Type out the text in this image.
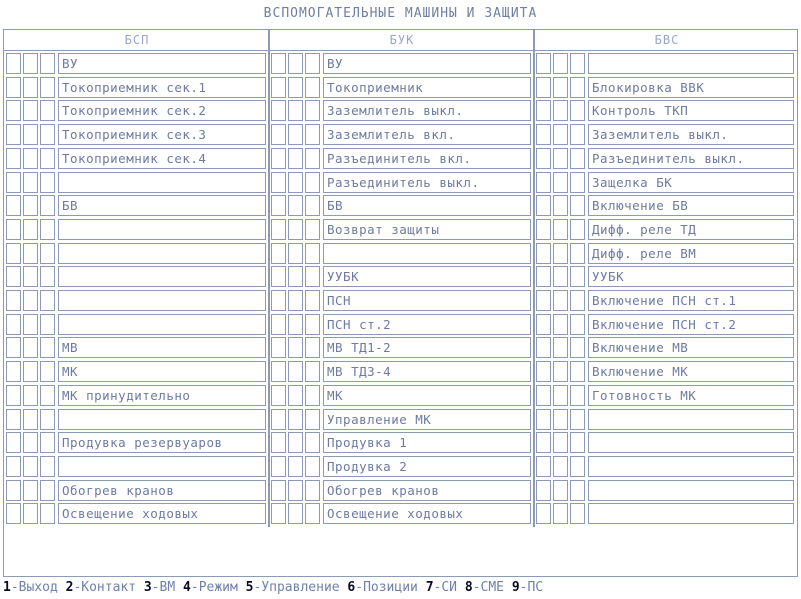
ВСПОМОГАТЕЛЬНЫЕ МАШИНЫ И ЗАЩИТА
БСП
ВУ
Токоприемник сек.1
Токоприемник сек.2
Токоприемник сек.3
Токоприемник сек.4
БВ
МВ
МК
МК принудительно
Продувка резервуаров
Обогрев кранов
Освещение ходовых
БУК
ВУ
Токоприемник
Заземлитель выкл.
Заземлитель вкл.
Разъединитель вкл.
Разъединитель выкл.
БВ
Возврат защиты
УУБК
ПСН
ПСН ст.2
МВ ТД1-2
МВ ТД3-4
МК
Управление МК
Продувка 1
Продувка 2
Обогрев кранов
Освещение ходовых
БВС
Блокировка ВВК
Контроль ТКП
Заземлитель выкл.
Разъединитель выкл.
Защелка БК
Включение БВ
Дифф. реле ТД
Дифф. реле ВМ
УУБК
Включение ПСН ст.1
Включение ПСН ст.2
Включение МВ
Включение МК
Готовность МК
1-Выход 2-Контакт 3-ВМ 4-Режим 5-Управление 6-Позиции 7-СИ 8-СМЕ 9-ПС
